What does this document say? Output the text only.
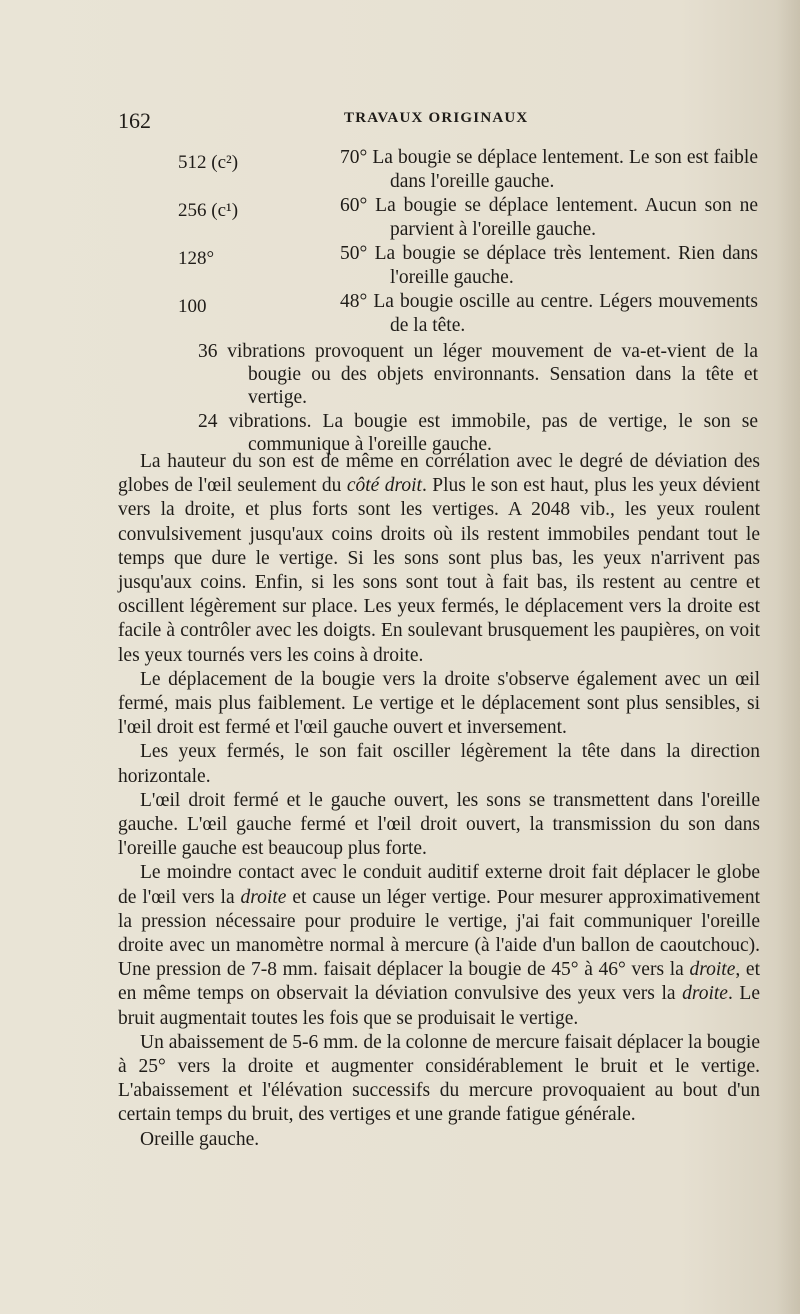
162	TRAVAUX ORIGINAUX
512 (c²)	70° La bougie se déplace lentement. Le son est faible dans l'oreille gauche.
256 (c¹)	60° La bougie se déplace lentement. Aucun son ne parvient à l'oreille gauche.
128°	50° La bougie se déplace très lentement. Rien dans l'oreille gauche.
100	48° La bougie oscille au centre. Légers mouvements de la tête.
36 vibrations provoquent un léger mouvement de va-et-vient de la bougie ou des objets environnants. Sensation dans la tête et vertige.
24 vibrations. La bougie est immobile, pas de vertige, le son se communique à l'oreille gauche.

La hauteur du son est de même en corrélation avec le degré de déviation des globes de l'œil seulement du côté droit. Plus le son est haut, plus les yeux dévient vers la droite, et plus forts sont les vertiges. A 2048 vib., les yeux roulent convulsivement jusqu'aux coins droits où ils restent immobiles pendant tout le temps que dure le vertige. Si les sons sont plus bas, les yeux n'arrivent pas jusqu'aux coins. Enfin, si les sons sont tout à fait bas, ils restent au centre et oscillent légèrement sur place. Les yeux fermés, le déplacement vers la droite est facile à contrôler avec les doigts. En soulevant brusquement les paupières, on voit les yeux tournés vers les coins à droite.

Le déplacement de la bougie vers la droite s'observe également avec un œil fermé, mais plus faiblement. Le vertige et le déplacement sont plus sensibles, si l'œil droit est fermé et l'œil gauche ouvert et inversement.

Les yeux fermés, le son fait osciller légèrement la tête dans la direction horizontale.

L'œil droit fermé et le gauche ouvert, les sons se transmettent dans l'oreille gauche. L'œil gauche fermé et l'œil droit ouvert, la transmission du son dans l'oreille gauche est beaucoup plus forte.

Le moindre contact avec le conduit auditif externe droit fait déplacer le globe de l'œil vers la droite et cause un léger vertige. Pour mesurer approximativement la pression nécessaire pour produire le vertige, j'ai fait communiquer l'oreille droite avec un manomètre normal à mercure (à l'aide d'un ballon de caoutchouc). Une pression de 7-8 mm. faisait déplacer la bougie de 45° à 46° vers la droite, et en même temps on observait la déviation convulsive des yeux vers la droite. Le bruit augmentait toutes les fois que se produisait le vertige.

Un abaissement de 5-6 mm. de la colonne de mercure faisait déplacer la bougie à 25° vers la droite et augmenter considérablement le bruit et le vertige. L'abaissement et l'élévation successifs du mercure provoquaient au bout d'un certain temps du bruit, des vertiges et une grande fatigue générale.

Oreille gauche.
